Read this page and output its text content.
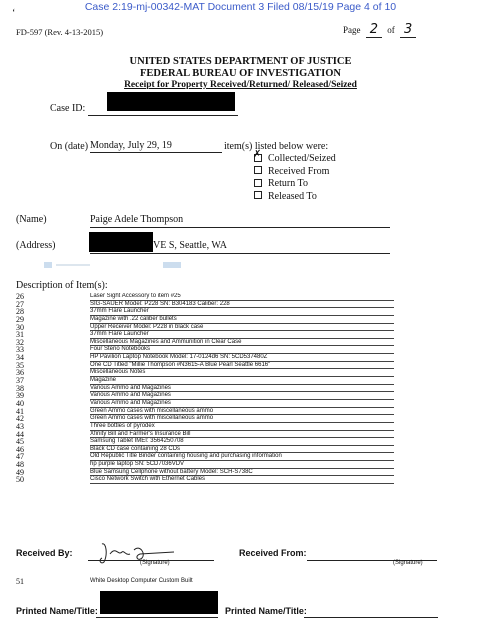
Case 2:19-mj-00342-MAT Document 3 Filed 08/15/19 Page 4 of 10
‘
FD-597 (Rev. 4-13-2015)	Page 2 of 3
UNITED STATES DEPARTMENT OF JUSTICE
FEDERAL BUREAU OF INVESTIGATION
Receipt for Property Received/Returned/ Released/Seized
Case ID:
On (date) Monday, July 29, 19	item(s) listed below were:
✗Collected/Seized
Received From
Return To
Released To
(Name)	Paige Adele Thompson
(Address)	VE S, Seattle, WA
Description of Item(s):
26	Laser Sight Accessory to item #25
27	SIG-SAUER Model: P228 SN: B304183 Caliber: 228
28	37mm Flare Launcher
29	Magazine with .22 caliber bullets
30	Upper Receiver Model: P228 in black case
31	37mm Flare Launcher
32	Miscellaneous Magazines and Ammunition in Clear Case
33	Four Steno Notebooks
34	HP Pavilion Laptop Notebook Model: 17-0124d6 SN: 5CD537480Z
35	One CD Titled "Millie Thompson #N3615-A Blue Pearl Seattle 6616"
36	Miscellaneous Notes
37	Magazine
38	Various Ammo and Magazines
39	Various Ammo and Magazines
40	Various Ammo and Magazines
41	Green Ammo cases with miscellaneous ammo
42	Green Ammo cases with miscellaneous ammo
43	Three bottles of pyrodex
44	Xfinity Bill and Farmer's Insurance Bill
45	Samsung Tablet IMEI: 3564250708
46	Black CD case containing 28 CDs
47	Old Republic Title Binder containing housing and purchasing information
48	hp purple laptop SN: 5CD7036VDV
49	Blue Samsung Cellphone without battery Model: SCH-S738C
50	Cisco Network Switch with Ethernet Cables
Received By:
(Signature)
Received From:
(Signature)
51	White Desktop Computer Custom Built
Printed Name/Title:	Printed Name/Title:
